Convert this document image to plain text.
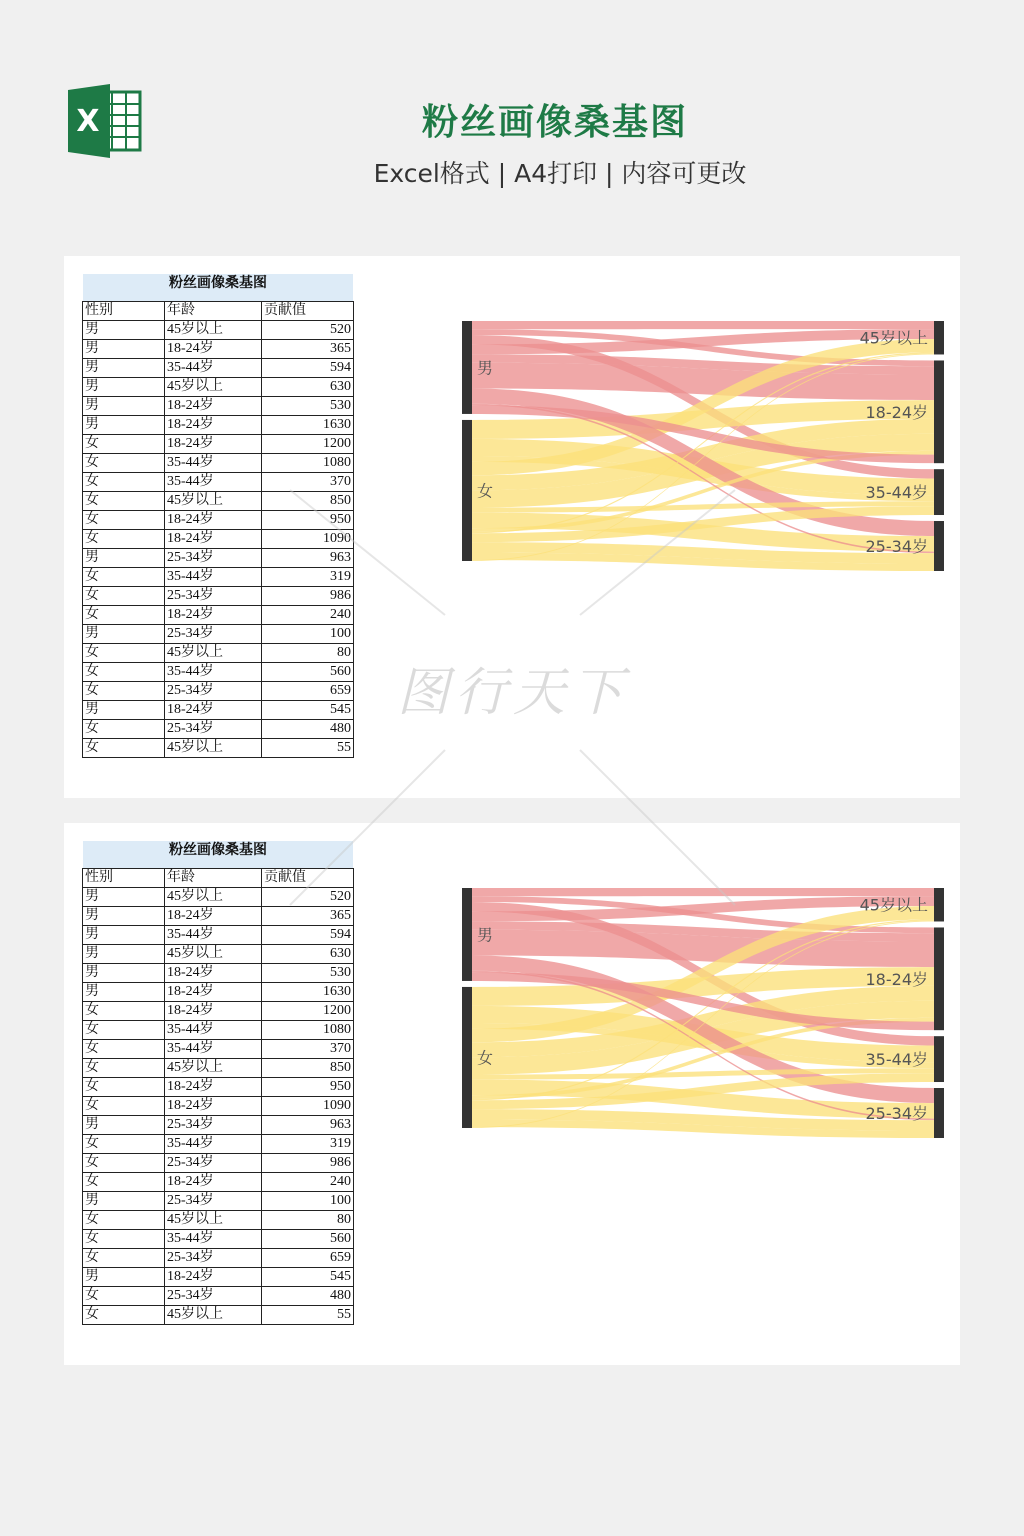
X	粉丝画像桑基图
Excel格式 | A4打印 | 内容可更改
粉丝画像桑基图
性别	年龄	贡献值
男	45岁以上	520
男	18-24岁	365
男	35-44岁	594
男	45岁以上	630
男	18-24岁	530
男	18-24岁	1630
女	18-24岁	1200
女	35-44岁	1080
女	35-44岁	370
女	45岁以上	850
女	18-24岁	950
女	18-24岁	1090
男	25-34岁	963
女	35-44岁	319
女	25-34岁	986
女	18-24岁	240
男	25-34岁	100
女	45岁以上	80
女	35-44岁	560
女	25-34岁	659
男	18-24岁	545
女	25-34岁	480
女	45岁以上	55
男
女
45岁以上
18-24岁
35-44岁
25-34岁
粉丝画像桑基图
性别	年龄	贡献值
男	45岁以上	520
男	18-24岁	365
男	35-44岁	594
男	45岁以上	630
男	18-24岁	530
男	18-24岁	1630
女	18-24岁	1200
女	35-44岁	1080
女	35-44岁	370
女	45岁以上	850
女	18-24岁	950
女	18-24岁	1090
男	25-34岁	963
女	35-44岁	319
女	25-34岁	986
女	18-24岁	240
男	25-34岁	100
女	45岁以上	80
女	35-44岁	560
女	25-34岁	659
男	18-24岁	545
女	25-34岁	480
女	45岁以上	55
男
女
45岁以上
18-24岁
35-44岁
25-34岁
图行天下
